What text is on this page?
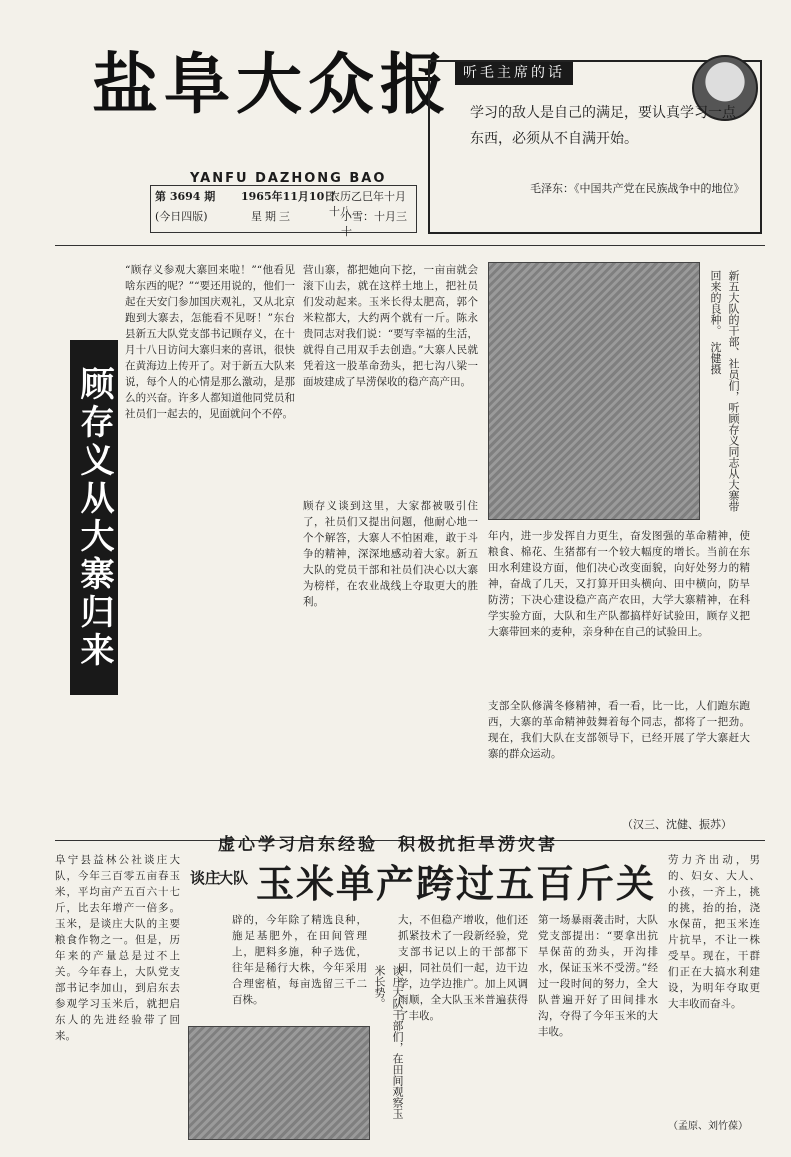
盐阜大众报
YANFU DAZHONG BAO
第 3694 期
(今日四版)
1965年11月10日
星期三
农历乙巳年十月十八
小雪：十月三十
听毛主席的话
学习的敌人是自己的满足，要认真学习一点东西，必须从不自满开始。
毛泽东：《中国共产党在民族战争中的地位》
顾存义从大寨归来
“顾存义参观大寨回来啦！”“他看见啥东西的呢？”“要还用说的，他们一起在天安门参加国庆观礼，又从北京跑到大寨去，怎能看不见呀！”东台县新五大队党支部书记顾存义，在十月十八日访问大寨归来的喜讯，很快在黄海边上传开了。对于新五大队来说，每个人的心情是那么激动，是那么的兴奋。许多人都知道他同党员和社员们一起去的，见面就问个不停。
营山寨，都把她向下挖，一亩亩就会滚下山去，就在这样土地上，把社员们发动起来。玉米长得太肥高，郭个米粒都大，大约两个就有一斤。陈永贵同志对我们说：“要写幸福的生活，就得自己用双手去创造。”大寨人民就凭着这一股革命劲头，把七沟八梁一面坡建成了旱涝保收的稳产高产田。	新五大队的干部、社员们，听顾存义同志从大寨带回来的良种。　沈健摄
顾存义谈到这里，大家都被吸引住了，社员们又提出问题，他耐心地一个个解答，大寨人不怕困难，敢于斗争的精神，深深地感动着大家。新五大队的党员干部和社员们决心以大寨为榜样，在农业战线上夺取更大的胜利。
年内，进一步发挥自力更生，奋发图强的革命精神，使粮食、棉花、生猪都有一个较大幅度的增长。当前在东田水利建设方面，他们决心改变面貌，向好处努力的精神，奋战了几天，又打算开田头横向、田中横向，防旱防涝；下决心建设稳产高产农田，大学大寨精神，在科学实验方面，大队和生产队都搞样好试验田，顾存义把大寨带回来的麦种，亲身种在自己的试验田上。
支部全队修满冬修精神，看一看，比一比，人们跑东跑西，大寨的革命精神鼓舞着每个同志，都将了一把劲。现在，我们大队在支部领导下，已经开展了学大寨赶大寨的群众运动。
（汉三、沈健、振苏）
虚心学习启东经验　积极抗拒旱涝灾害
谈庄
大队 玉米单产跨过五百斤关
阜宁县益林公社谈庄大队，今年三百零五亩春玉米，平均亩产五百六十七斤，比去年增产一倍多。玉米，是谈庄大队的主要粮食作物之一。但是，历年来的产量总是过不上关。今年春上，大队党支部书记李加山，到启东去参观学习玉米后，就把启东人的先进经验带了回来。
辟的，今年除了精选良种，施足基肥外，在田间管理上，肥料多施，种子选优，往年是稀行大株，今年采用合理密植，每亩选留三千二百株。	谈庄大队干部们，在田间观察玉米长势。
大，不但稳产增收，他们还抓紧技术了一段新经验，党支部书记以上的干部都下田，同社员们一起，边干边学，边学边推广。加上风调雨顺，全大队玉米普遍获得了丰收。
第一场暴雨袭击时，大队党支部提出：“要拿出抗旱保苗的劲头，开沟排水，保证玉米不受涝。”经过一段时间的努力，全大队普遍开好了田间排水沟，夺得了今年玉米的大丰收。
劳力齐出动，男的、妇女、大人、小孩，一齐上，挑的挑，抬的抬，浇水保苗，把玉米连片抗旱，不让一株受旱。现在，干群们正在大搞水利建设，为明年夺取更大丰收而奋斗。
（孟原、刘竹葆）
